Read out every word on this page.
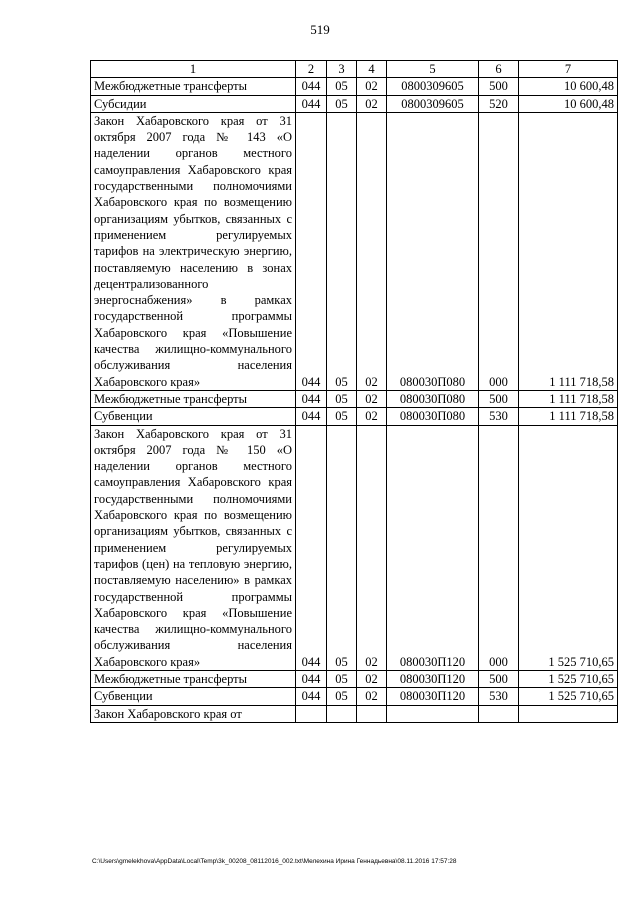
519
1	2	3	4	5	6	7
Межбюджетные трансферты	044	05	02	0800309605	500	10 600,48
Субсидии	044	05	02	0800309605	520	10 600,48
Закон Хабаровского края от 31 октября 2007 года № 143 «О наделении органов местного самоуправления Хабаровского края государственными полномочиями Хабаровского края по возмещению организациям убытков, связанных с применением регулируемых тарифов на электрическую энергию, поставляемую населению в зонах децентрализованного энергоснабжения» в рамках государственной программы Хабаровского края «Повышение качества жилищно-коммунального обслуживания населения Хабаровского края»	044	05	02	080030П080	000	1 111 718,58
Межбюджетные трансферты	044	05	02	080030П080	500	1 111 718,58
Субвенции	044	05	02	080030П080	530	1 111 718,58
Закон Хабаровского края от 31 октября 2007 года № 150 «О наделении органов местного самоуправления Хабаровского края государственными полномочиями Хабаровского края по возмещению организациям убытков, связанных с применением регулируемых тарифов (цен) на тепловую энергию, поставляемую населению» в рамках государственной программы Хабаровского края «Повышение качества жилищно-коммунального обслуживания населения Хабаровского края»	044	05	02	080030П120	000	1 525 710,65
Межбюджетные трансферты	044	05	02	080030П120	500	1 525 710,65
Субвенции	044	05	02	080030П120	530	1 525 710,65
Закон Хабаровского края от						
C:\Users\gmelekhova\AppData\Local\Temp\3k_00208_08112016_002.txt\Мелехина Ирина Геннадьевна\08.11.2016 17:57:28
